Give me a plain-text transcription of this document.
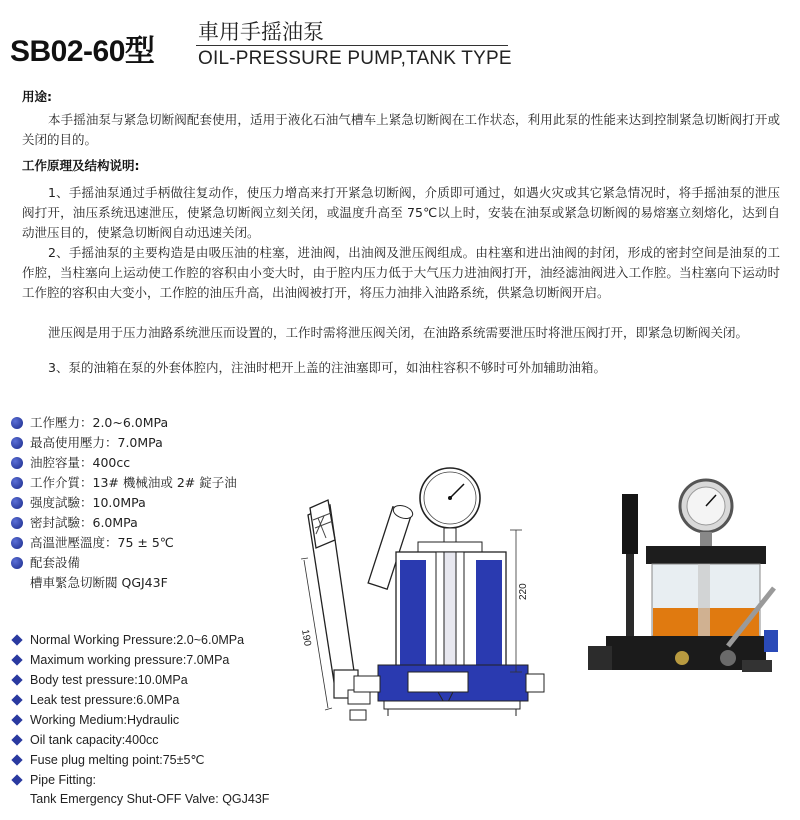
SB02-60型
車用手摇油泵
OIL-PRESSURE PUMP,TANK TYPE
用途:
本手摇油泵与紧急切断阀配套使用，适用于液化石油气槽车上紧急切断阀在工作状态，利用此泵的性能来达到控制紧急切断阀打开或关闭的目的。
工作原理及结构说明:
1、手摇油泵通过手柄做往复动作，使压力增高来打开紧急切断阀，介质即可通过，如遇火灾或其它紧急情况时，将手摇油泵的泄压阀打开，油压系统迅速泄压，使紧急切断阀立刻关闭，或温度升高至 75℃以上时，安装在油泵或紧急切断阀的易熔塞立刻熔化，达到自动泄压目的，使紧急切断阀自动迅速关闭。
2、手摇油泵的主要构造是由吸压油的柱塞，进油阀，出油阀及泄压阀组成。由柱塞和进出油阀的封闭，形成的密封空间是油泵的工作腔，当柱塞向上运动使工作腔的容积由小变大时，由于腔内压力低于大气压力进油阀打开，油经滤油阀进入工作腔。当柱塞向下运动时工作腔的容积由大变小，工作腔的油压升高，出油阀被打开，将压力油排入油路系统，供紧急切断阀开启。
泄压阀是用于压力油路系统泄压而设置的，工作时需将泄压阀关闭，在油路系统需要泄压时将泄压阀打开，即紧急切断阀关闭。
3、泵的油箱在泵的外套体腔内，注油时杷开上盖的注油塞即可，如油柱容积不够时可外加辅助油箱。
工作壓力：2.0~6.0MPa
最高使用壓力：7.0MPa
油腔容量：400cc
工作介質：13# 機械油或 2# 錠子油
强度試驗：10.0MPa
密封試驗：6.0MPa
高溫泄壓溫度：75 ± 5℃
配套設備
槽車緊急切断閥 QGJ43F
Normal Working Pressure:2.0~6.0MPa
Maximum working pressure:7.0MPa
Body test pressure:10.0MPa
Leak test pressure:6.0MPa
Working Medium:Hydraulic
Oil tank capacity:400cc
Fuse plug melting point:75±5℃
Pipe Fitting:
Tank Emergency Shut-OFF Valve: QGJ43F
190
220
